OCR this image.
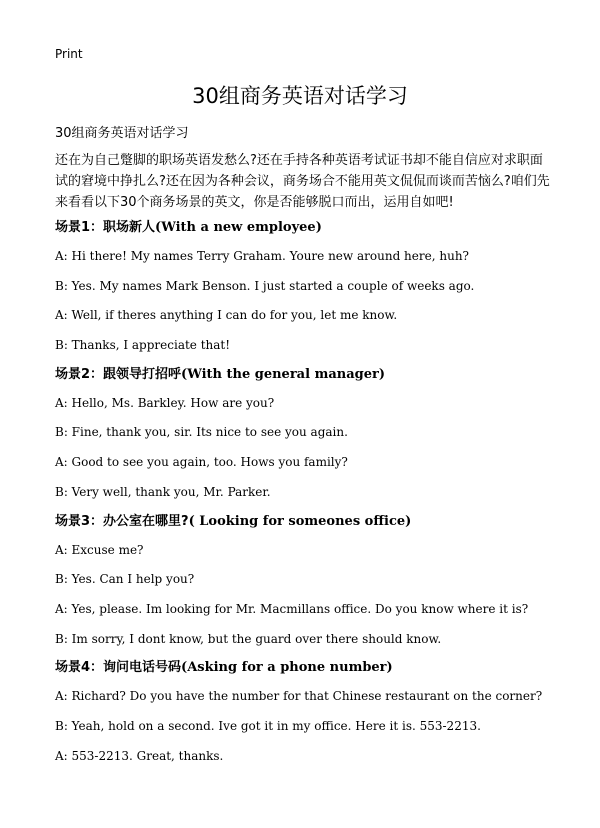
Print
30组商务英语对话学习
30组商务英语对话学习
还在为自己蹩脚的职场英语发愁么?还在手持各种英语考试证书却不能自信应对求职面试的窘境中挣扎么?还在因为各种会议，商务场合不能用英文侃侃而谈而苦恼么?咱们先来看看以下30个商务场景的英文，你是否能够脱口而出，运用自如吧!
场景1：职场新人(With a new employee)
A: Hi there! My names Terry Graham. Youre new around here, huh?
B: Yes. My names Mark Benson. I just started a couple of weeks ago.
A: Well, if theres anything I can do for you, let me know.
B: Thanks, I appreciate that!
场景2：跟领导打招呼(With the general manager)
A: Hello, Ms. Barkley. How are you?
B: Fine, thank you, sir. Its nice to see you again.
A: Good to see you again, too. Hows you family?
B: Very well, thank you, Mr. Parker.
场景3：办公室在哪里?( Looking for someones office)
A: Excuse me?
B: Yes. Can I help you?
A: Yes, please. Im looking for Mr. Macmillans office. Do you know where it is?
B: Im sorry, I dont know, but the guard over there should know.
场景4：询问电话号码(Asking for a phone number)
A: Richard? Do you have the number for that Chinese restaurant on the corner?
B: Yeah, hold on a second. Ive got it in my office. Here it is. 553-2213.
A: 553-2213. Great, thanks.
